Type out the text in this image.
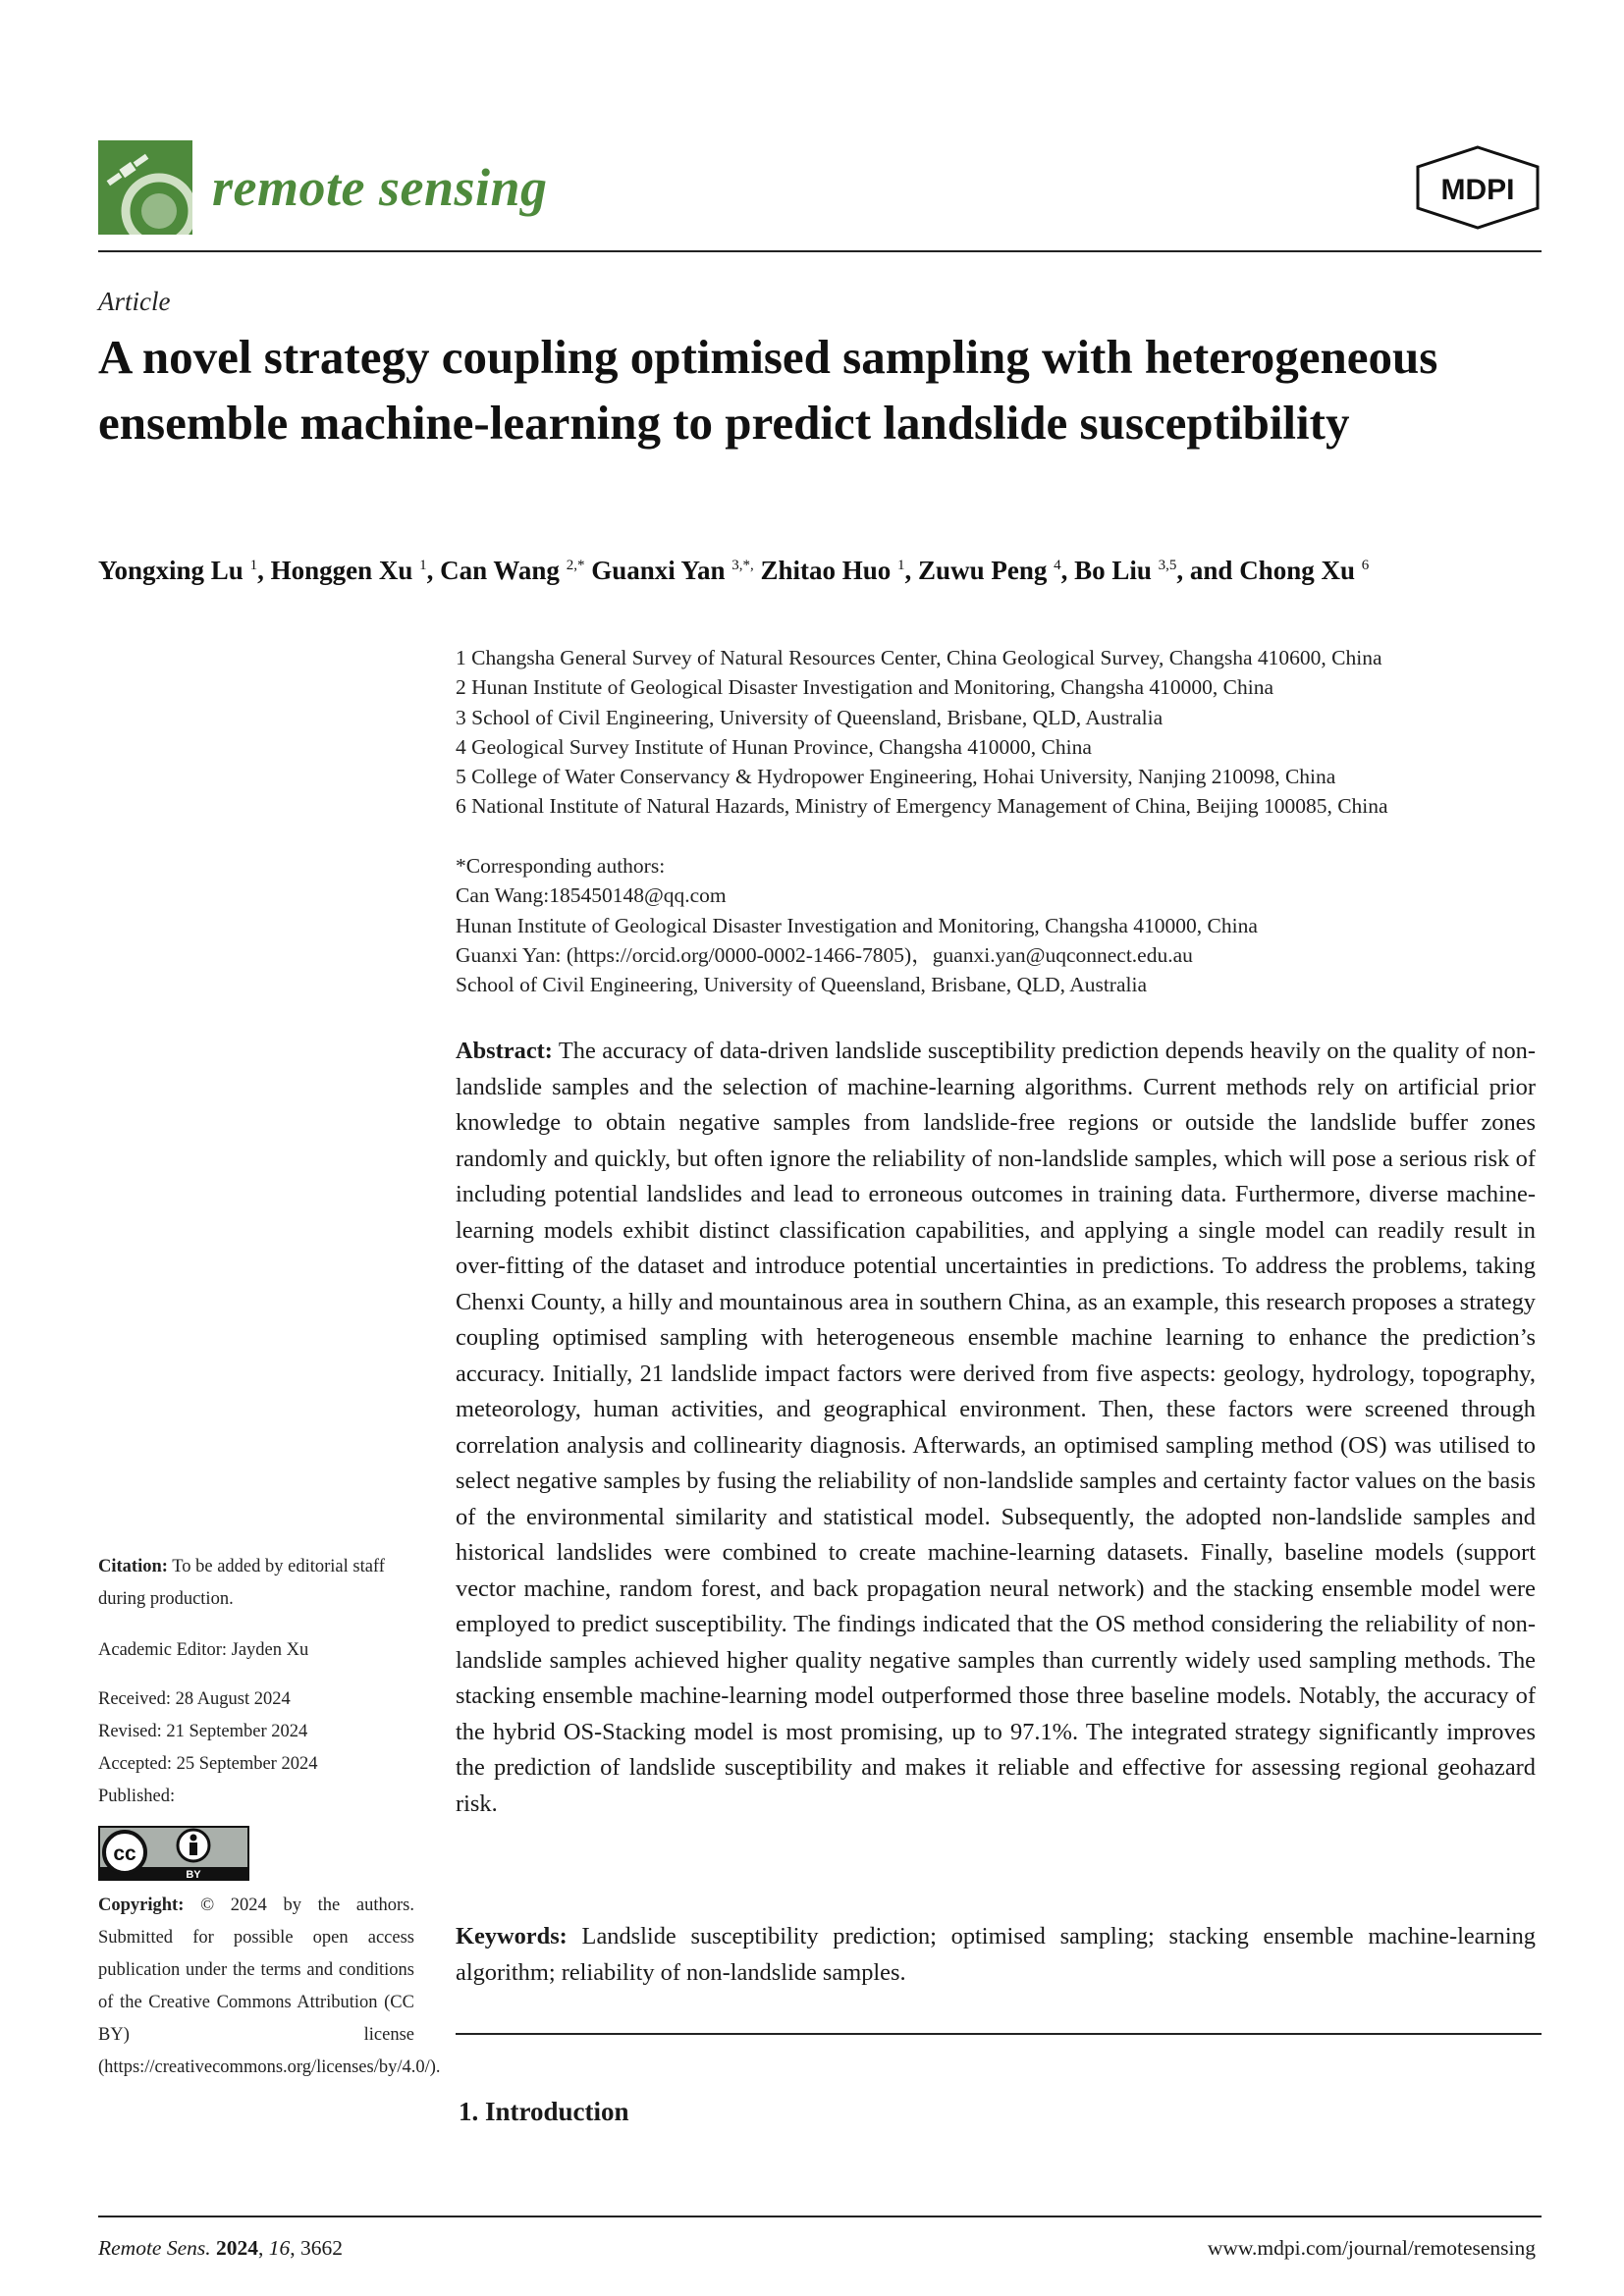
remote sensing	MDPI
Article
A novel strategy coupling optimised sampling with heterogeneous ensemble machine-learning to predict landslide susceptibility
Yongxing Lu $^1$, Honggen Xu $^1$, Can Wang $^{2,*}$ Guanxi Yan $^{3,*,}$ Zhitao Huo $^1$, Zuwu Peng $^4$, Bo Liu $^{3,5}$, and Chong Xu $^6$
1 Changsha General Survey of Natural Resources Center, China Geological Survey, Changsha 410600, China
2 Hunan Institute of Geological Disaster Investigation and Monitoring, Changsha 410000, China
3 School of Civil Engineering, University of Queensland, Brisbane, QLD, Australia
4 Geological Survey Institute of Hunan Province, Changsha 410000, China
5 College of Water Conservancy & Hydropower Engineering, Hohai University, Nanjing 210098, China
6 National Institute of Natural Hazards, Ministry of Emergency Management of China, Beijing 100085, China
*Corresponding authors:
Can Wang:185450148@qq.com
Hunan Institute of Geological Disaster Investigation and Monitoring, Changsha 410000, China
Guanxi Yan: (https://orcid.org/0000-0002-1466-7805)，guanxi.yan@uqconnect.edu.au
School of Civil Engineering, University of Queensland, Brisbane, QLD, Australia
Abstract: The accuracy of data-driven landslide susceptibility prediction depends heavily on the quality of non-landslide samples and the selection of machine-learning algorithms. Current methods rely on artificial prior knowledge to obtain negative samples from landslide-free regions or outside the landslide buffer zones randomly and quickly, but often ignore the reliability of non-landslide samples, which will pose a serious risk of including potential landslides and lead to erroneous outcomes in training data. Furthermore, diverse machine-learning models exhibit distinct classification capabilities, and applying a single model can readily result in over-fitting of the dataset and introduce potential uncertainties in predictions. To address the problems, taking Chenxi County, a hilly and mountainous area in southern China, as an example, this research proposes a strategy coupling optimised sampling with heterogeneous ensemble machine learning to enhance the prediction’s accuracy. Initially, 21 landslide impact factors were derived from five aspects: geology, hydrology, topography, meteorology, human activities, and geographical environment. Then, these factors were screened through correlation analysis and collinearity diagnosis. Afterwards, an optimised sampling method (OS) was utilised to select negative samples by fusing the reliability of non-landslide samples and certainty factor values on the basis of the environmental similarity and statistical model. Subsequently, the adopted non-landslide samples and historical landslides were combined to create machine-learning datasets. Finally, baseline models (support vector machine, random forest, and back propagation neural network) and the stacking ensemble model were employed to predict susceptibility. The findings indicated that the OS method considering the reliability of non-landslide samples achieved higher quality negative samples than currently widely used sampling methods. The stacking ensemble machine-learning model outperformed those three baseline models. Notably, the accuracy of the hybrid OS-Stacking model is most promising, up to 97.1%. The integrated strategy significantly improves the prediction of landslide susceptibility and makes it reliable and effective for assessing regional geohazard risk.
Keywords: Landslide susceptibility prediction; optimised sampling; stacking ensemble machine-learning algorithm; reliability of non-landslide samples.
1. Introduction
Citation: To be added by editorial staff during production.
Academic Editor: Jayden Xu
Received: 28 August 2024
Revised: 21 September 2024
Accepted: 25 September 2024
Published:
cc
BY
Copyright: © 2024 by the authors. Submitted for possible open access publication under the terms and conditions of the Creative Commons Attribution (CC BY) license (https://creativecommons.org/licenses/by/4.0/).
Remote Sens. 2024, 16, 3662	www.mdpi.com/journal/remotesensing
